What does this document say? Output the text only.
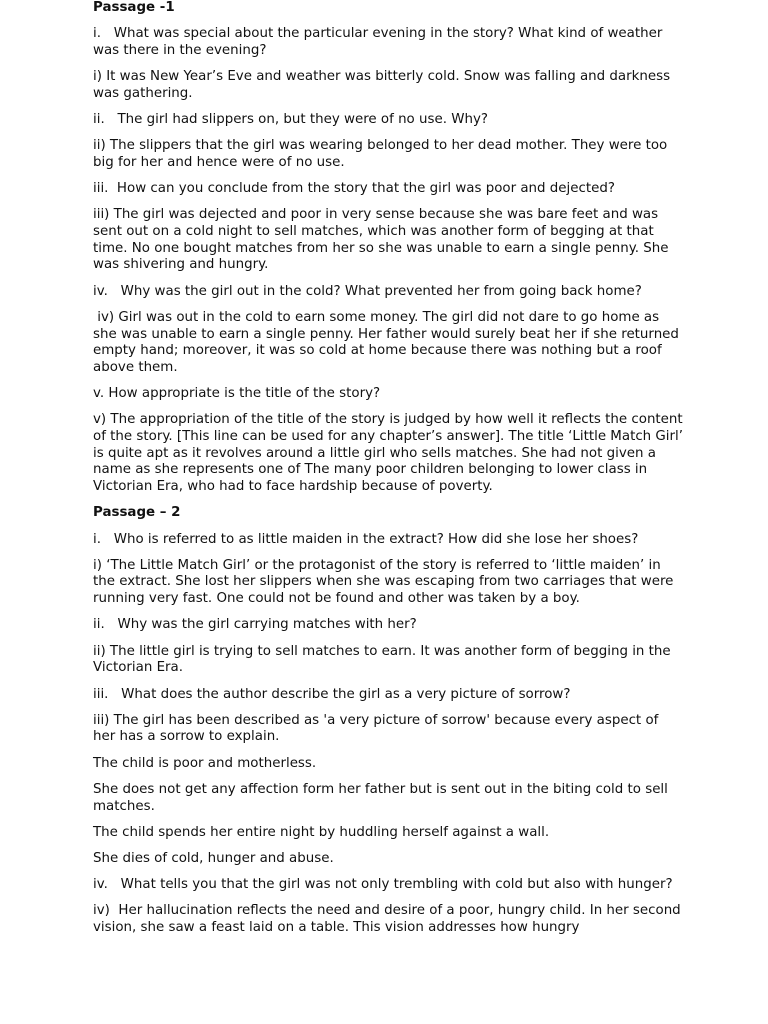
Passage -1
i.   What was special about the particular evening in the story? What kind of weather was there in the evening?
i) It was New Year’s Eve and weather was bitterly cold. Snow was falling and darkness was gathering.
ii.   The girl had slippers on, but they were of no use. Why?
ii) The slippers that the girl was wearing belonged to her dead mother. They were too big for her and hence were of no use.
iii.  How can you conclude from the story that the girl was poor and dejected?
iii) The girl was dejected and poor in very sense because she was bare feet and was sent out on a cold night to sell matches, which was another form of begging at that time. No one bought matches from her so she was unable to earn a single penny. She was shivering and hungry.
iv.   Why was the girl out in the cold? What prevented her from going back home?
iv) Girl was out in the cold to earn some money. The girl did not dare to go home as she was unable to earn a single penny. Her father would surely beat her if she returned empty hand; moreover, it was so cold at home because there was nothing but a roof above them.
v. How appropriate is the title of the story?
v) The appropriation of the title of the story is judged by how well it reflects the content of the story. [This line can be used for any chapter’s answer]. The title ‘Little Match Girl’ is quite apt as it revolves around a little girl who sells matches. She had not given a name as she represents one of The many poor children belonging to lower class in Victorian Era, who had to face hardship because of poverty.
Passage – 2
i.   Who is referred to as little maiden in the extract? How did she lose her shoes?
i) ‘The Little Match Girl’ or the protagonist of the story is referred to ‘little maiden’ in the extract. She lost her slippers when she was escaping from two carriages that were running very fast. One could not be found and other was taken by a boy.
ii.   Why was the girl carrying matches with her?
ii) The little girl is trying to sell matches to earn. It was another form of begging in the Victorian Era.
iii.   What does the author describe the girl as a very picture of sorrow?
iii) The girl has been described as 'a very picture of sorrow' because every aspect of her has a sorrow to explain.
The child is poor and motherless.
She does not get any affection form her father but is sent out in the biting cold to sell matches.
The child spends her entire night by huddling herself against a wall.
She dies of cold, hunger and abuse.
iv.   What tells you that the girl was not only trembling with cold but also with hunger?
iv)  Her hallucination reflects the need and desire of a poor, hungry child. In her second vision, she saw a feast laid on a table. This vision addresses how hungry
